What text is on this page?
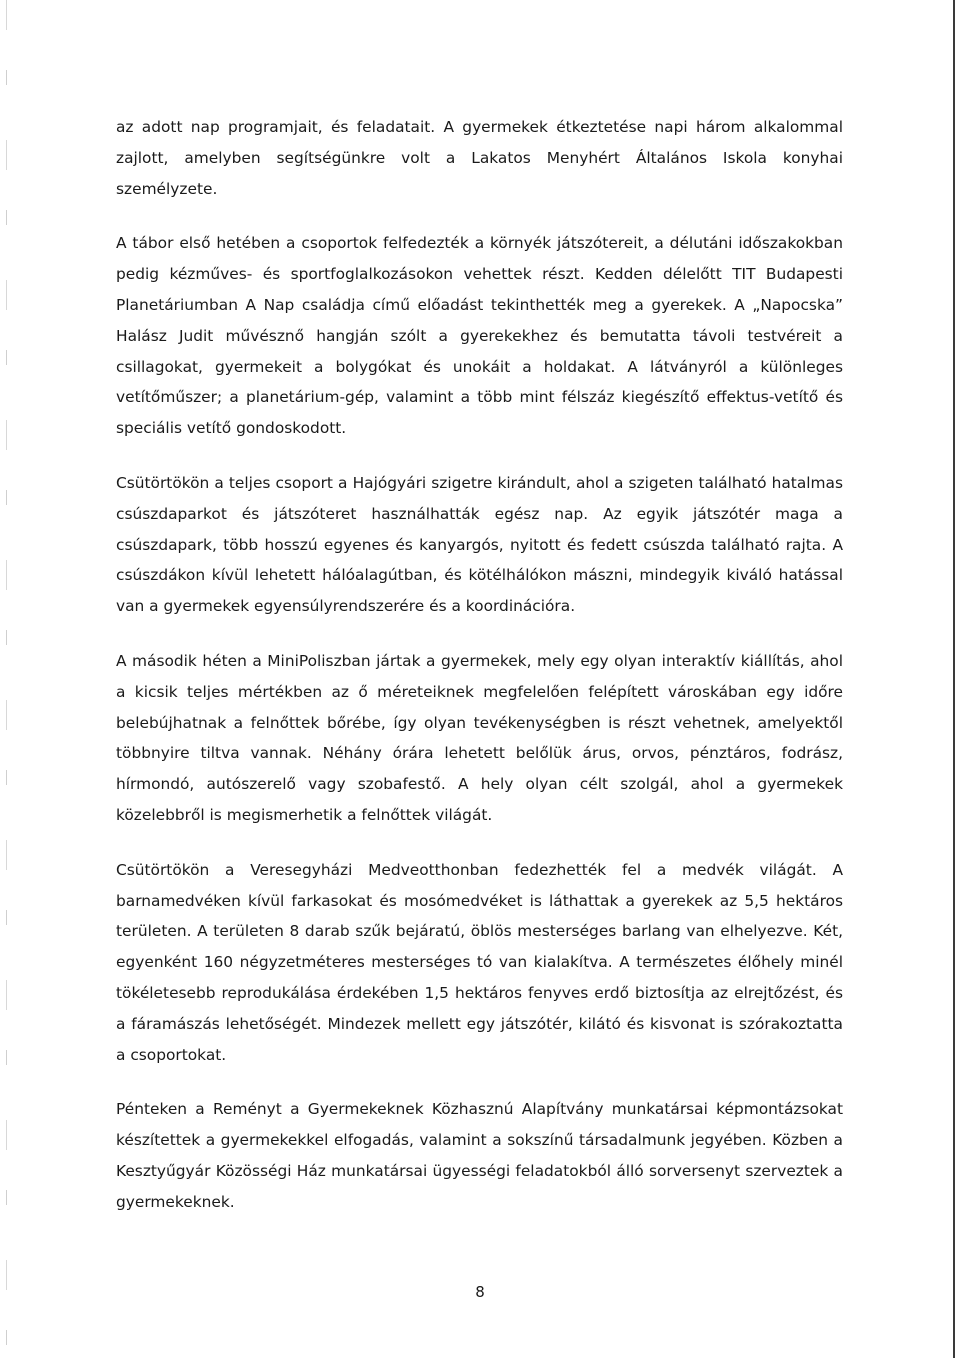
az adott nap programjait, és feladatait. A gyermekek étkeztetése napi három alkalommal zajlott, amelyben segítségünkre volt a Lakatos Menyhért Általános Iskola konyhai személyzete.

A tábor első hetében a csoportok felfedezték a környék játszótereit, a délutáni időszakokban pedig kézműves- és sportfoglalkozásokon vehettek részt. Kedden délelőtt TIT Budapesti Planetáriumban A Nap családja című előadást tekinthették meg a gyerekek. A „Napocska” Halász Judit művésznő hangján szólt a gyerekekhez és bemutatta távoli testvéreit a csillagokat, gyermekeit a bolygókat és unokáit a holdakat. A látványról a különleges vetítőműszer; a planetárium-gép, valamint a több mint félszáz kiegészítő effektus-vetítő és speciális vetítő gondoskodott.

Csütörtökön a teljes csoport a Hajógyári szigetre kirándult, ahol a szigeten található hatalmas csúszdaparkot és játszóteret használhatták egész nap. Az egyik játszótér maga a csúszdapark, több hosszú egyenes és kanyargós, nyitott és fedett csúszda található rajta. A csúszdákon kívül lehetett hálóalagútban, és kötélhálókon mászni, mindegyik kiváló hatással van a gyermekek egyensúlyrendszerére és a koordinációra.

A második héten a MiniPoliszban jártak a gyermekek, mely egy olyan interaktív kiállítás, ahol a kicsik teljes mértékben az ő méreteiknek megfelelően felépített városkában egy időre belebújhatnak a felnőttek bőrébe, így olyan tevékenységben is részt vehetnek, amelyektől többnyire tiltva vannak. Néhány órára lehetett belőlük árus, orvos, pénztáros, fodrász, hírmondó, autószerelő vagy szobafestő. A hely olyan célt szolgál, ahol a gyermekek közelebbről is megismerhetik a felnőttek világát.

Csütörtökön a Veresegyházi Medveotthonban fedezhették fel a medvék világát. A barnamedvéken kívül farkasokat és mosómedvéket is láthattak a gyerekek az 5,5 hektáros területen. A területen 8 darab szűk bejáratú, öblös mesterséges barlang van elhelyezve. Két, egyenként 160 négyzetméteres mesterséges tó van kialakítva. A természetes élőhely minél tökéletesebb reprodukálása érdekében 1,5 hektáros fenyves erdő biztosítja az elrejtőzést, és a fáramászás lehetőségét. Mindezek mellett egy játszótér, kilátó és kisvonat is szórakoztatta a csoportokat.

Pénteken a Reményt a Gyermekeknek Közhasznú Alapítvány munkatársai képmontázsokat készítettek a gyermekekkel elfogadás, valamint a sokszínű társadalmunk jegyében. Közben a Kesztyűgyár Közösségi Ház munkatársai ügyességi feladatokból álló sorversenyt szerveztek a gyermekeknek.

8
